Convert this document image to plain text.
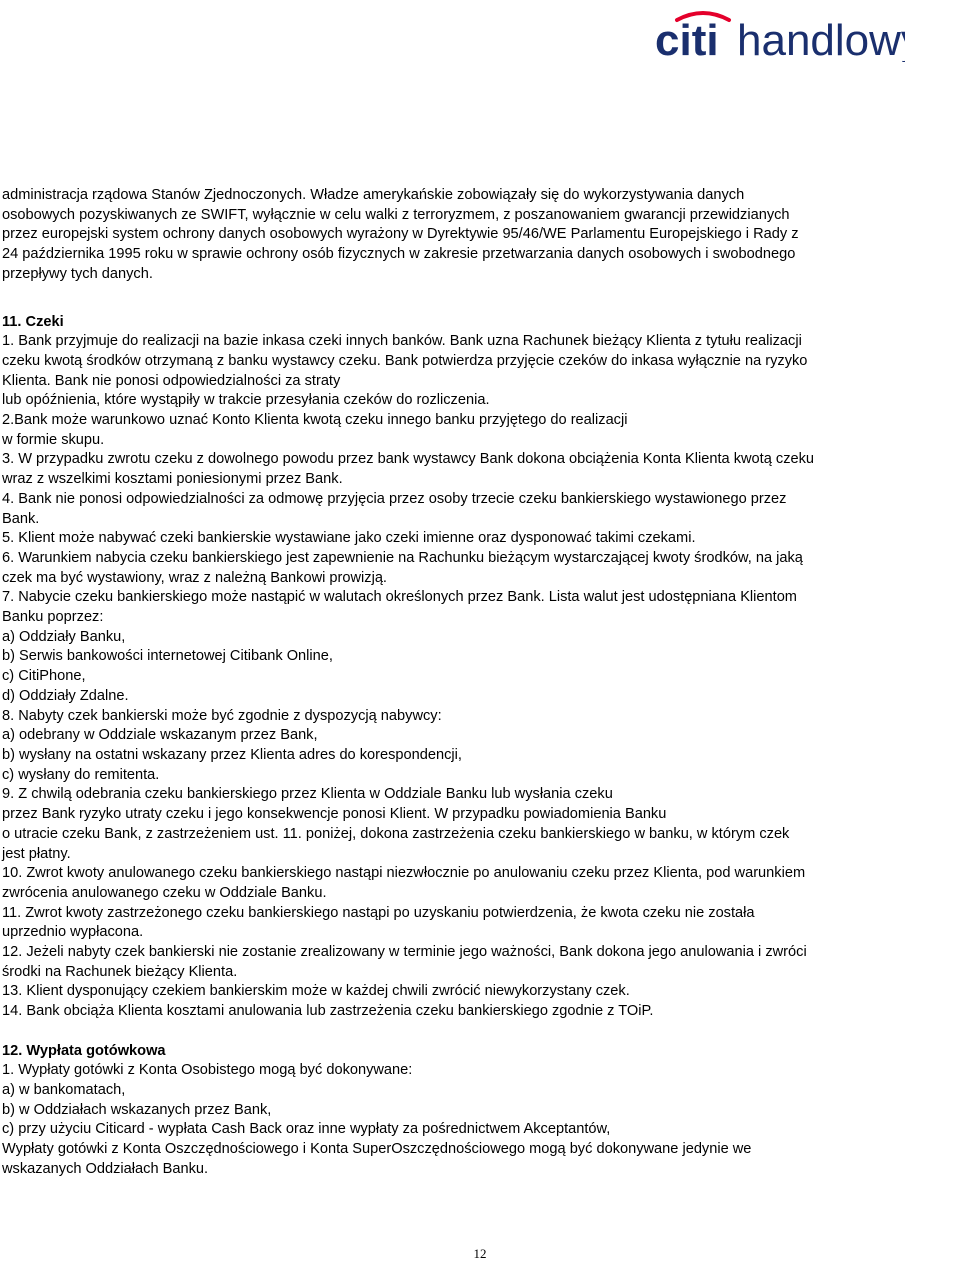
citi handlowy

administracja rządowa Stanów Zjednoczonych. Władze amerykańskie zobowiązały się do wykorzystywania danych

osobowych pozyskiwanych ze SWIFT, wyłącznie w celu walki z terroryzmem, z poszanowaniem gwarancji przewidzianych

przez europejski system ochrony danych osobowych wyrażony w Dyrektywie 95/46/WE Parlamentu Europejskiego i Rady z

24 października 1995 roku w sprawie ochrony osób fizycznych w zakresie przetwarzania danych osobowych i swobodnego

przepływy tych danych.

11. Czeki

1. Bank przyjmuje do realizacji na bazie inkasa czeki innych banków. Bank uzna Rachunek bieżący Klienta z tytułu realizacji

czeku kwotą środków otrzymaną z banku wystawcy czeku. Bank potwierdza przyjęcie czeków do inkasa wyłącznie na ryzyko

Klienta. Bank nie ponosi odpowiedzialności za straty

lub opóźnienia, które wystąpiły w trakcie przesyłania czeków do rozliczenia.

2.Bank może warunkowo uznać Konto Klienta kwotą czeku innego banku przyjętego do realizacji

w formie skupu.

3. W przypadku zwrotu czeku z dowolnego powodu przez bank wystawcy Bank dokona obciążenia Konta Klienta kwotą czeku

wraz z wszelkimi kosztami poniesionymi przez Bank.

4. Bank nie ponosi odpowiedzialności za odmowę przyjęcia przez osoby trzecie czeku bankierskiego wystawionego przez

Bank.

5. Klient może nabywać czeki bankierskie wystawiane jako czeki imienne oraz dysponować takimi czekami.

6. Warunkiem nabycia czeku bankierskiego jest zapewnienie na Rachunku bieżącym wystarczającej kwoty środków, na jaką

czek ma być wystawiony, wraz z należną Bankowi prowizją.

7. Nabycie czeku bankierskiego może nastąpić w walutach określonych przez Bank. Lista walut jest udostępniana Klientom

Banku poprzez:

a) Oddziały Banku,

b) Serwis bankowości internetowej Citibank Online,

c) CitiPhone,

d) Oddziały Zdalne.

8. Nabyty czek bankierski może być zgodnie z dyspozycją nabywcy:

a) odebrany w Oddziale wskazanym przez Bank,

b) wysłany na ostatni wskazany przez Klienta adres do korespondencji,

c) wysłany do remitenta.

9. Z chwilą odebrania czeku bankierskiego przez Klienta w Oddziale Banku lub wysłania czeku

przez Bank ryzyko utraty czeku i jego konsekwencje ponosi Klient. W przypadku powiadomienia Banku

o utracie czeku Bank, z zastrzeżeniem ust. 11. poniżej, dokona zastrzeżenia czeku bankierskiego w banku, w którym czek

jest płatny.

10. Zwrot kwoty anulowanego czeku bankierskiego nastąpi niezwłocznie po anulowaniu czeku przez Klienta, pod warunkiem

zwrócenia anulowanego czeku w Oddziale Banku.

11. Zwrot kwoty zastrzeżonego czeku bankierskiego nastąpi po uzyskaniu potwierdzenia, że kwota czeku nie została

uprzednio wypłacona.

12. Jeżeli nabyty czek bankierski nie zostanie zrealizowany w terminie jego ważności, Bank dokona jego anulowania i zwróci

środki na Rachunek bieżący Klienta.

13. Klient dysponujący czekiem bankierskim może w każdej chwili zwrócić niewykorzystany czek.

14. Bank obciąża Klienta kosztami anulowania lub zastrzeżenia czeku bankierskiego zgodnie z TOiP.

12. Wypłata gotówkowa

1. Wypłaty gotówki z Konta Osobistego mogą być dokonywane:

a) w bankomatach,

b) w Oddziałach wskazanych przez Bank,

c) przy użyciu Citicard - wypłata Cash Back oraz inne wypłaty za pośrednictwem Akceptantów,

Wypłaty gotówki z Konta Oszczędnościowego i Konta SuperOszczędnościowego mogą być dokonywane jedynie we

wskazanych Oddziałach Banku.

12
